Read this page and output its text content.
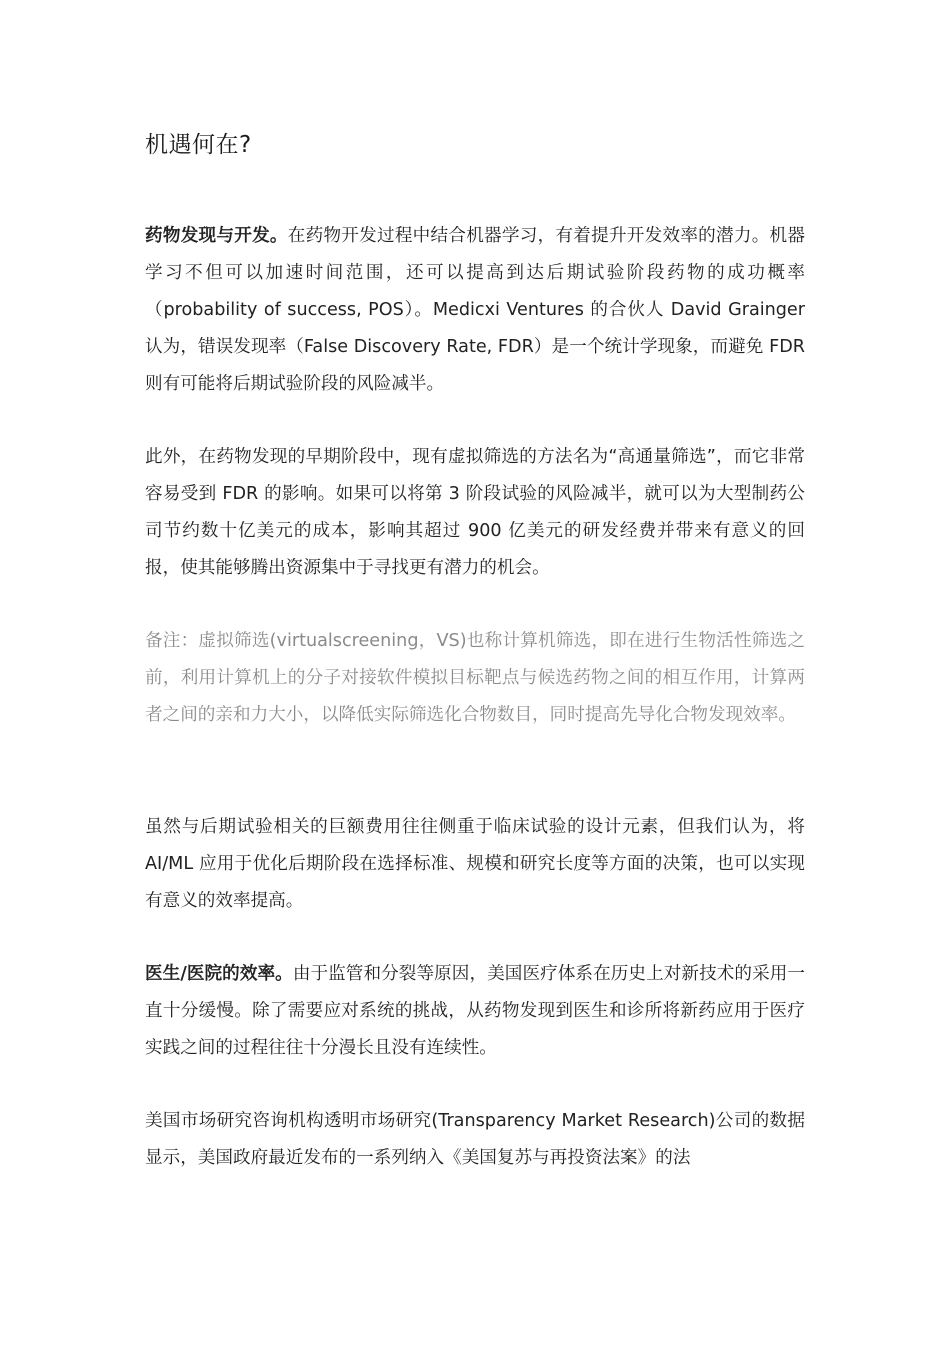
机遇何在?

药物发现与开发。在药物开发过程中结合机器学习，有着提升开发效率的潜力。机器学习不但可以加速时间范围，还可以提高到达后期试验阶段药物的成功概率（probability of success, POS）。Medicxi Ventures 的合伙人 David Grainger 认为，错误发现率（False Discovery Rate, FDR）是一个统计学现象，而避免 FDR 则有可能将后期试验阶段的风险减半。

此外，在药物发现的早期阶段中，现有虚拟筛选的方法名为“高通量筛选”，而它非常容易受到 FDR 的影响。如果可以将第 3 阶段试验的风险减半，就可以为大型制药公司节约数十亿美元的成本，影响其超过 900 亿美元的研发经费并带来有意义的回报，使其能够腾出资源集中于寻找更有潜力的机会。

备注：虚拟筛选(virtualscreening，VS)也称计算机筛选，即在进行生物活性筛选之前，利用计算机上的分子对接软件模拟目标靶点与候选药物之间的相互作用，计算两者之间的亲和力大小，以降低实际筛选化合物数目，同时提高先导化合物发现效率。

虽然与后期试验相关的巨额费用往往侧重于临床试验的设计元素，但我们认为，将 AI/ML 应用于优化后期阶段在选择标准、规模和研究长度等方面的决策，也可以实现有意义的效率提高。

医生/医院的效率。由于监管和分裂等原因，美国医疗体系在历史上对新技术的采用一直十分缓慢。除了需要应对系统的挑战，从药物发现到医生和诊所将新药应用于医疗实践之间的过程往往十分漫长且没有连续性。

美国市场研究咨询机构透明市场研究(Transparency Market Research)公司的数据显示，美国政府最近发布的一系列纳入《美国复苏与再投资法案》的法
